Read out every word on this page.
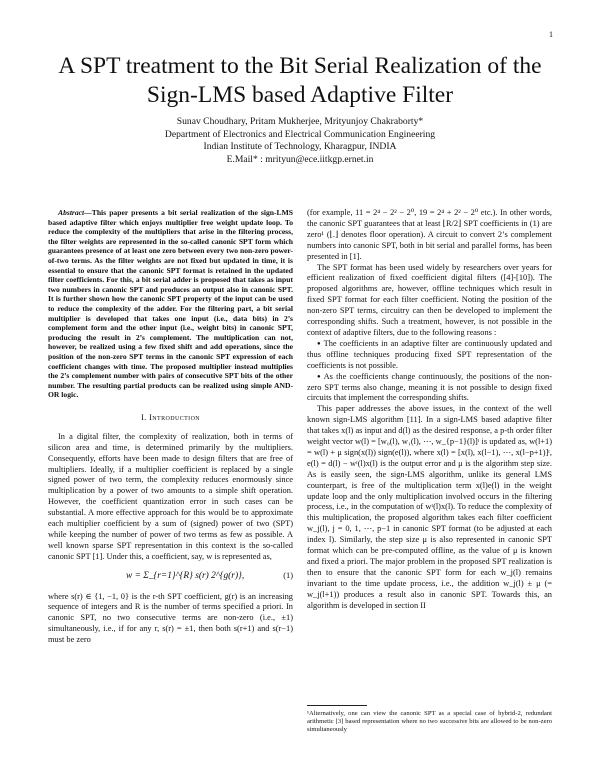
1
A SPT treatment to the Bit Serial Realization of the
Sign-LMS based Adaptive Filter
Sunav Choudhary, Pritam Mukherjee, Mrityunjoy Chakraborty*
Department of Electronics and Electrical Communication Engineering
Indian Institute of Technology, Kharagpur, INDIA
E.Mail* : mrityun@ece.iitkgp.ernet.in

Abstract—This paper presents a bit serial realization of the sign-LMS based adaptive filter which enjoys multiplier free weight update loop. To reduce the complexity of the multipliers that arise in the filtering process, the filter weights are represented in the so-called canonic SPT form which guarantees presence of at least one zero between every two non-zero power-of-two terms. As the filter weights are not fixed but updated in time, it is essential to ensure that the canonic SPT format is retained in the updated filter coefficients. For this, a bit serial adder is proposed that takes as input two numbers in canonic SPT and produces an output also in canonic SPT. It is further shown how the canonic SPT property of the input can be used to reduce the complexity of the adder. For the filtering part, a bit serial multiplier is developed that takes one input (i.e., data bits) in 2’s complement form and the other input (i.e., weight bits) in canonic SPT, producing the result in 2’s complement. The multiplication can not, however, be realized using a few fixed shift and add operations, since the position of the non-zero SPT terms in the canonic SPT expression of each coefficient changes with time. The proposed multiplier instead multiplies the 2’s complement number with pairs of consecutive SPT bits of the other number. The resulting partial products can be realized using simple AND-OR logic.

I. Introduction

In a digital filter, the complexity of realization, both in terms of silicon area and time, is determined primarily by the multipliers. Consequently, efforts have been made to design filters that are free of multipliers. Ideally, if a multiplier coefficient is replaced by a single signed power of two term, the complexity reduces enormously since multiplication by a power of two amounts to a simple shift operation. However, the coefficient quantization error in such cases can be substantial. A more effective approach for this would be to approximate each multiplier coefficient by a sum of (signed) power of two (SPT) while keeping the number of power of two terms as few as possible. A well known sparse SPT representation in this context is the so-called canonic SPT [1]. Under this, a coefficient, say, w is represented as,

w = Σ_{r=1}^{R} s(r) 2^{g(r)},	(1)

where s(r) ∈ {1, −1, 0} is the r-th SPT coefficient, g(r) is an increasing sequence of integers and R is the number of terms specified a priori. In canonic SPT, no two consecutive terms are non-zero (i.e., ±1) simultaneously, i.e., if for any r, s(r) = ±1, then both s(r+1) and s(r−1) must be zero

(for example, 11 = 2⁴ − 2² − 2⁰, 19 = 2⁴ + 2² − 2⁰ etc.). In other words, the canonic SPT guarantees that at least ⌊R/2⌋ SPT coefficients in (1) are zero¹ (⌊.⌋ denotes floor operation). A circuit to convert 2’s complement numbers into canonic SPT, both in bit serial and parallel forms, has been presented in [1].

The SPT format has been used widely by researchers over years for efficient realization of fixed coefficient digital filters ([4]-[10]). The proposed algorithms are, however, offline techniques which result in fixed SPT format for each filter coefficient. Noting the position of the non-zero SPT terms, circuitry can then be developed to implement the corresponding shifts. Such a treatment, however, is not possible in the context of adaptive filters, due to the following reasons :

● The coefficients in an adaptive filter are continuously updated and thus offline techniques producing fixed SPT representation of the coefficients is not possible.

● As the coefficients change continuously, the positions of the non-zero SPT terms also change, meaning it is not possible to design fixed circuits that implement the corresponding shifts.

This paper addresses the above issues, in the context of the well known sign-LMS algorithm [11]. In a sign-LMS based adaptive filter that takes x(l) as input and d(l) as the desired response, a p-th order filter weight vector w(l) = [w₀(l), w₁(l), ⋯, w_{p−1}(l)]ᵗ is updated as, w(l+1) = w(l) + μ sign(x(l)) sign(e(l)), where x(l) = [x(l), x(l−1), ⋯, x(l−p+1)]ᵗ, e(l) = d(l) − wᵗ(l)x(l) is the output error and μ is the algorithm step size. As is easily seen, the sign-LMS algorithm, unlike its general LMS counterpart, is free of the multiplication term x(l)e(l) in the weight update loop and the only multiplication involved occurs in the filtering process, i.e., in the computation of wᵗ(l)x(l). To reduce the complexity of this multiplication, the proposed algorithm takes each filter coefficient w_j(l), j = 0, 1, ⋯, p−1 in canonic SPT format (to be adjusted at each index l). Similarly, the step size μ is also represented in canonic SPT format which can be pre-computed offline, as the value of μ is known and fixed a priori. The major problem in the proposed SPT realization is then to ensure that the canonic SPT form for each w_j(l) remains invariant to the time update process, i.e., the addition w_j(l) ± μ (= w_j(l+1)) produces a result also in canonic SPT. Towards this, an algorithm is developed in section II

¹Alternatively, one can view the canonic SPT as a special case of hybrid-2, redundant arithmetic [3] based representation where no two successive bits are allowed to be non-zero simultaneously
